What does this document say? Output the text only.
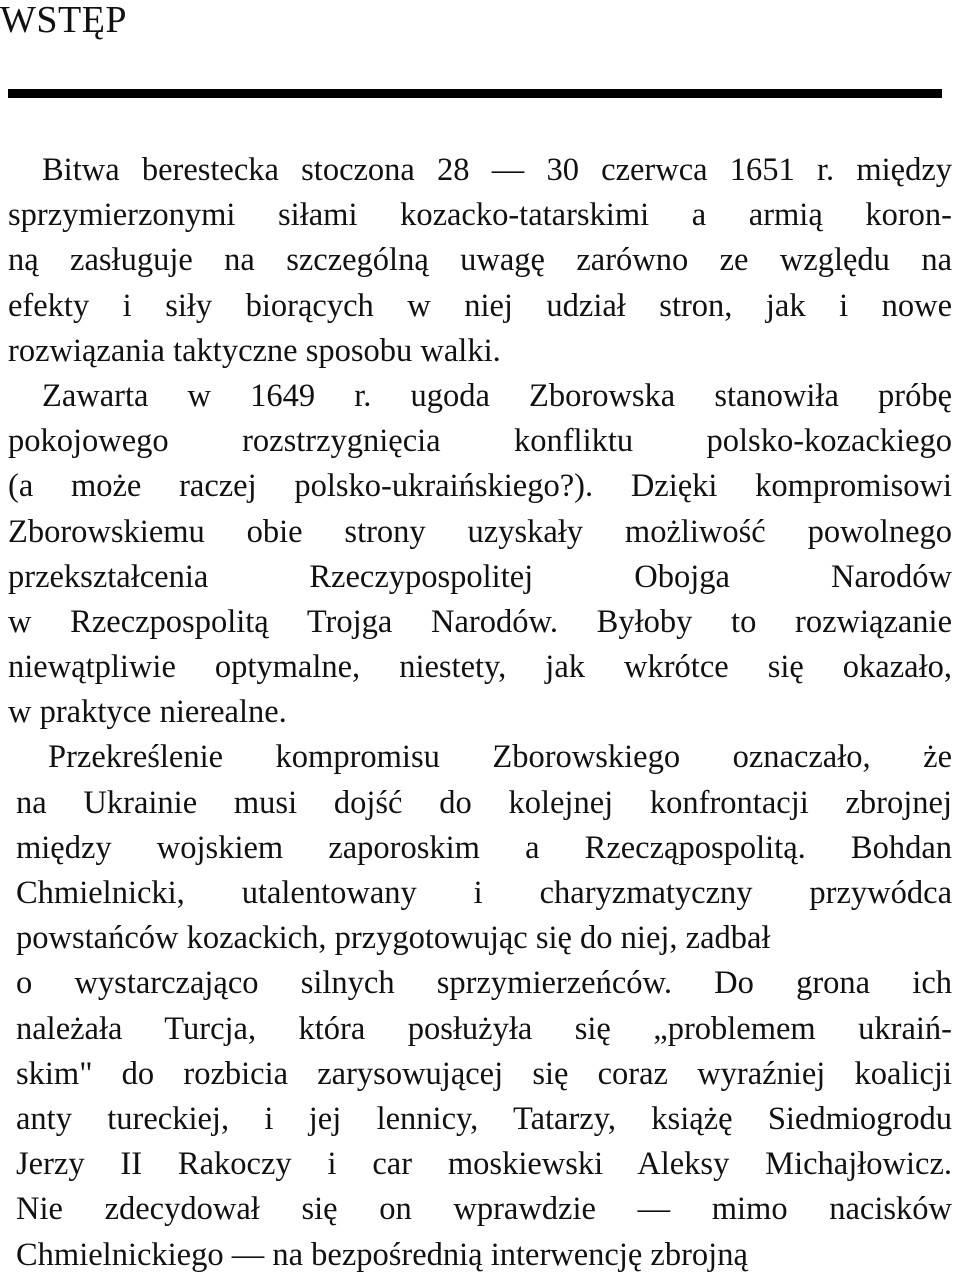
WSTĘP
Bitwa berestecka stoczona 28 — 30 czerwca 1651 r. między
sprzymierzonymi siłami kozacko-tatarskimi a armią koron-
ną zasługuje na szczególną uwagę zarówno ze względu na
efekty i siły biorących w niej udział stron, jak i nowe
rozwiązania taktyczne sposobu walki.
Zawarta w 1649 r. ugoda Zborowska stanowiła próbę
pokojowego rozstrzygnięcia konfliktu polsko-kozackiego
(a może raczej polsko-ukraińskiego?). Dzięki kompromisowi
Zborowskiemu obie strony uzyskały możliwość powolnego
przekształcenia Rzeczypospolitej Obojga Narodów
w Rzeczpospolitą Trojga Narodów. Byłoby to rozwiązanie
niewątpliwie optymalne, niestety, jak wkrótce się okazało,
w praktyce nierealne.
Przekreślenie kompromisu Zborowskiego oznaczało, że
na Ukrainie musi dojść do kolejnej konfrontacji zbrojnej
między wojskiem zaporoskim a Rzecząpospolitą. Bohdan
Chmielnicki, utalentowany i charyzmatyczny przywódca
powstańców kozackich, przygotowując się do niej, zadbał
o wystarczająco silnych sprzymierzeńców. Do grona ich
należała Turcja, która posłużyła się „problemem ukraiń-
skim" do rozbicia zarysowującej się coraz wyraźniej koalicji
anty tureckiej, i jej lennicy, Tatarzy, książę Siedmiogrodu
Jerzy II Rakoczy i car moskiewski Aleksy Michajłowicz.
Nie zdecydował się on wprawdzie — mimo nacisków
Chmielnickiego — na bezpośrednią interwencję zbrojną
